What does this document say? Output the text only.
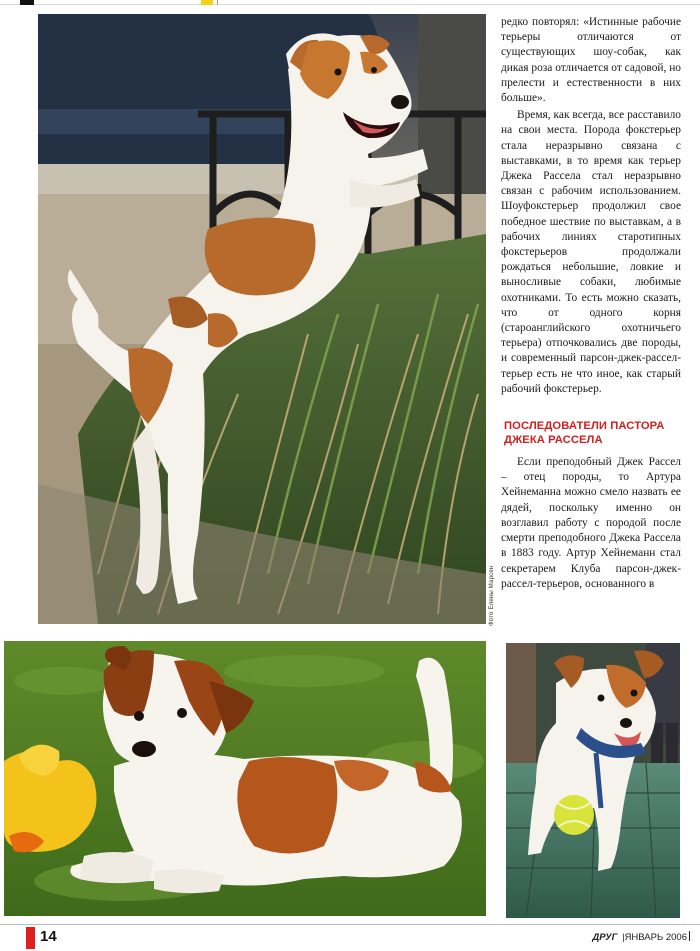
Фото Елены Марсен

редко повторял: «Истинные рабочие терьеры отличаются от существующих шоу-собак, как дикая роза отличается от садовой, но прелести и естественности в них больше».

Время, как всегда, все расставило на свои места. Порода фокстерьер стала неразрывно связана с выставками, в то время как терьер Джека Рассела стал неразрывно связан с рабочим использованием. Шоуфокстерьер продолжил свое победное шествие по выставкам, а в рабочих линиях старотипных фокстерьеров продолжали рождаться небольшие, ловкие и выносливые собаки, любимые охотниками. То есть можно сказать, что от одного корня (староанглийского охотничьего терьера) отпочковались две породы, и современный парсон-джек-рассел-терьер есть не что иное, как старый рабочий фокстерьер.

ПОСЛЕДОВАТЕЛИ ПАСТОРА ДЖЕКА РАССЕЛА

Если преподобный Джек Рассел – отец породы, то Артура Хейнеманна можно смело назвать ее дядей, поскольку именно он возглавил работу с породой после смерти преподобного Джека Рассела в 1883 году. Артур Хейнеманн стал секретарем Клуба парсон-джек-рассел-терьеров, основанного в

14	ДРУГ |ЯНВАРЬ 2006
